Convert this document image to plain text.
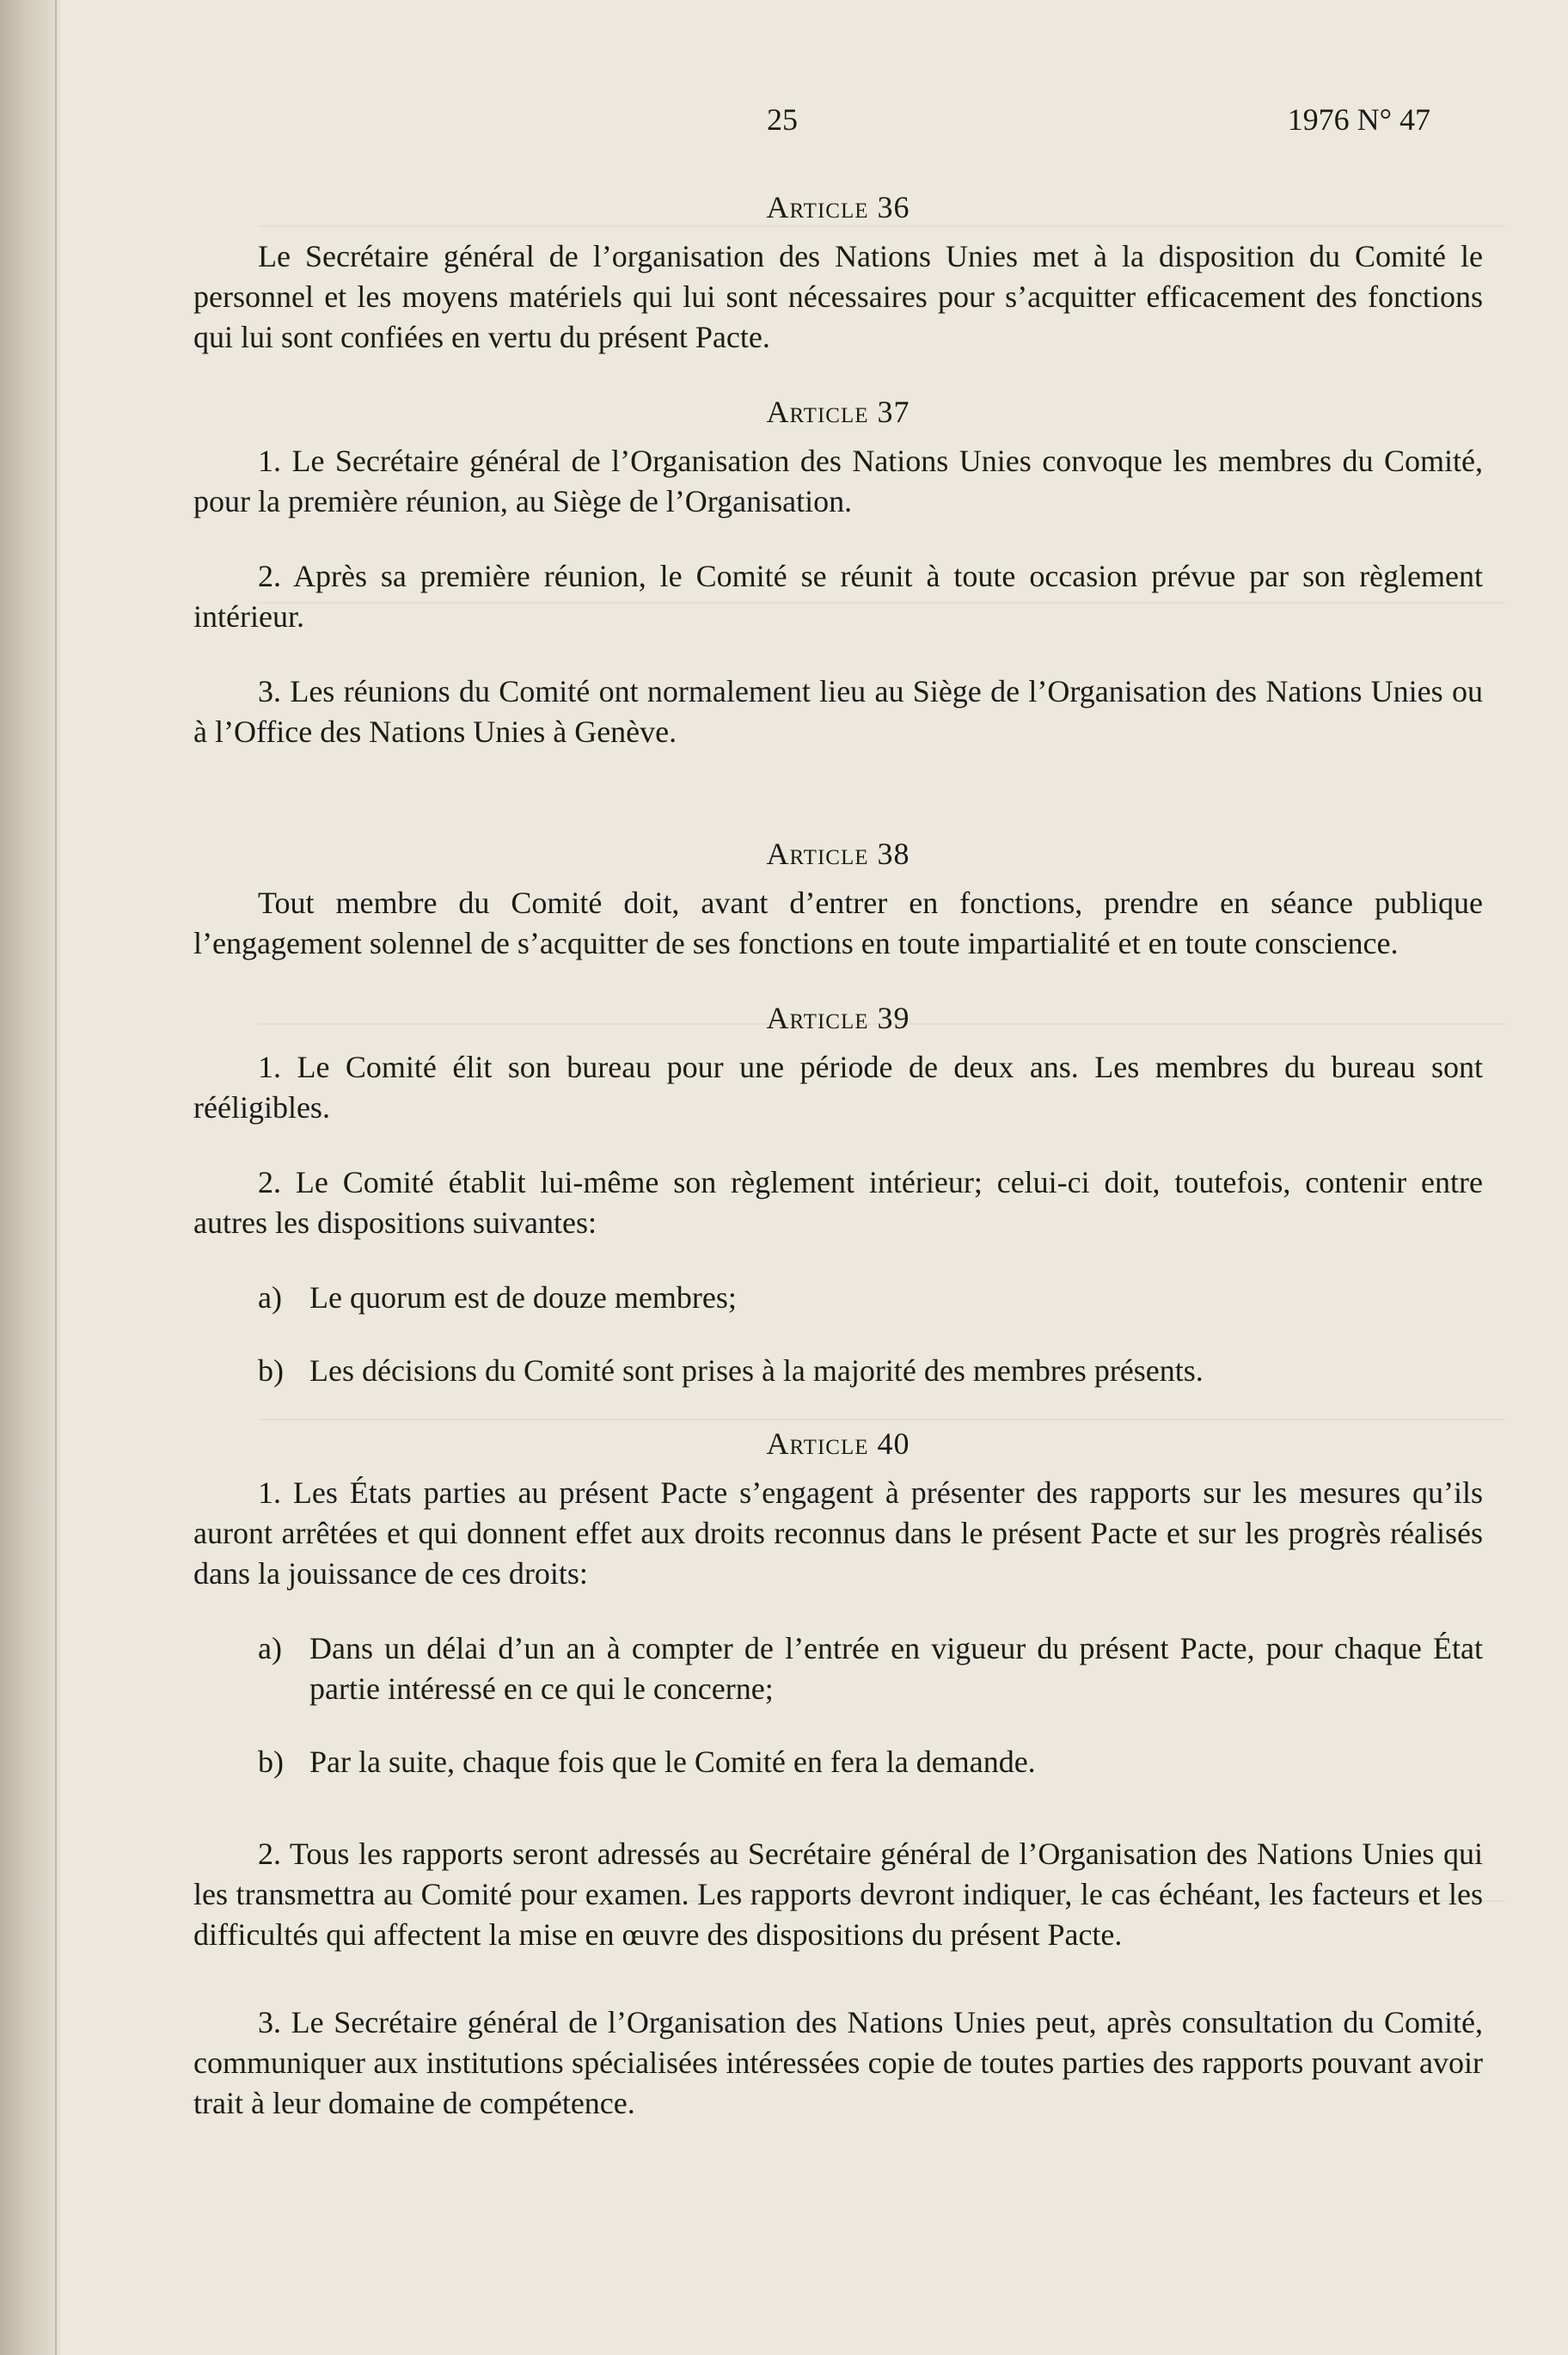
25	1976 N° 47
Article 36

Le Secrétaire général de l’organisation des Nations Unies met à la disposition du Comité le personnel et les moyens matériels qui lui sont nécessaires pour s’acquitter efficacement des fonctions qui lui sont confiées en vertu du présent Pacte.

Article 37

1. Le Secrétaire général de l’Organisation des Nations Unies convoque les membres du Comité, pour la première réunion, au Siège de l’Organisation.

2. Après sa première réunion, le Comité se réunit à toute occasion prévue par son règlement intérieur.

3. Les réunions du Comité ont normalement lieu au Siège de l’Organisation des Nations Unies ou à l’Office des Nations Unies à Genève.

Article 38

Tout membre du Comité doit, avant d’entrer en fonctions, prendre en séance publique l’engagement solennel de s’acquitter de ses fonctions en toute impartialité et en toute conscience.

Article 39

1. Le Comité élit son bureau pour une période de deux ans. Les membres du bureau sont rééligibles.

2. Le Comité établit lui-même son règlement intérieur; celui-ci doit, toutefois, contenir entre autres les dispositions suivantes:

a) Le quorum est de douze membres;
b) Les décisions du Comité sont prises à la majorité des membres présents.
Article 40

1. Les États parties au présent Pacte s’engagent à présenter des rapports sur les mesures qu’ils auront arrêtées et qui donnent effet aux droits reconnus dans le présent Pacte et sur les progrès réalisés dans la jouissance de ces droits:

a) Dans un délai d’un an à compter de l’entrée en vigueur du présent Pacte, pour chaque État partie intéressé en ce qui le concerne;
b) Par la suite, chaque fois que le Comité en fera la demande.

2. Tous les rapports seront adressés au Secrétaire général de l’Organisation des Nations Unies qui les transmettra au Comité pour examen. Les rapports devront indiquer, le cas échéant, les facteurs et les difficultés qui affectent la mise en œuvre des dispositions du présent Pacte.

3. Le Secrétaire général de l’Organisation des Nations Unies peut, après consultation du Comité, communiquer aux institutions spécialisées intéressées copie de toutes parties des rapports pouvant avoir trait à leur domaine de compétence.
